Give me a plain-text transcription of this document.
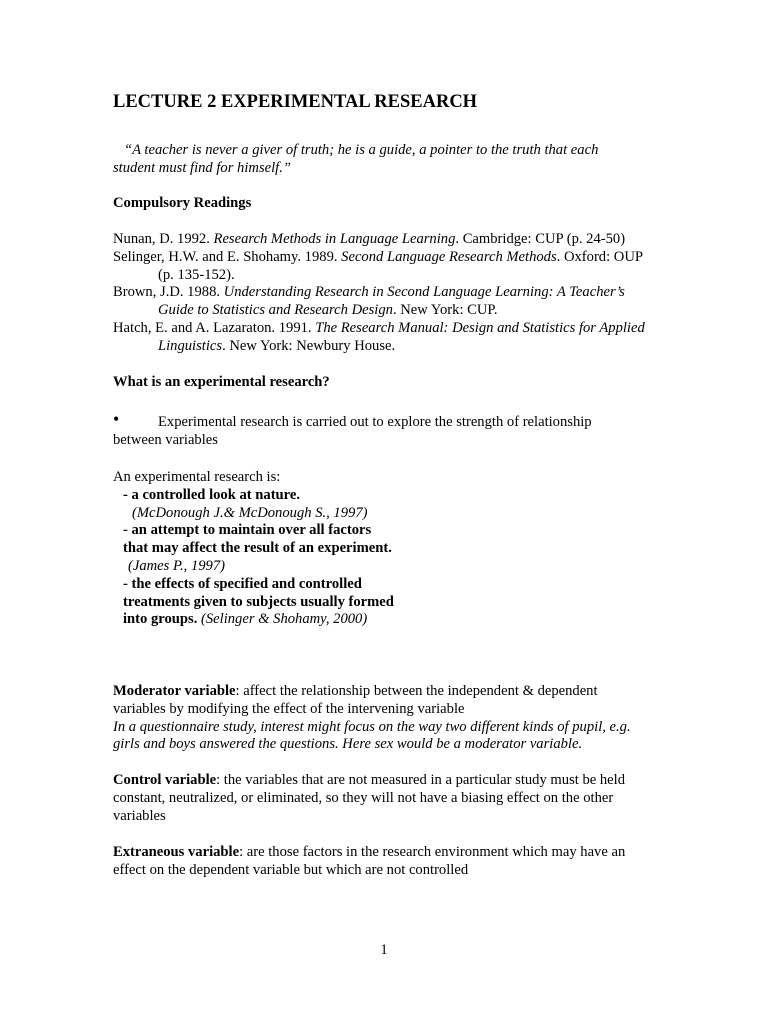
LECTURE 2 EXPERIMENTAL RESEARCH
“A teacher is never a giver of truth; he is a guide, a pointer to the truth that each
student must find for himself.”
Compulsory Readings

Nunan, D. 1992. Research Methods in Language Learning. Cambridge: CUP (p. 24-50)

Selinger, H.W. and E. Shohamy. 1989. Second Language Research Methods. Oxford: OUP (p. 135-152).

Brown, J.D. 1988. Understanding Research in Second Language Learning: A Teacher’s Guide to Statistics and Research Design. New York: CUP.

Hatch, E. and A. Lazaraton. 1991. The Research Manual: Design and Statistics for Applied Linguistics. New York: Newbury House.

What is an experimental research?
•	Experimental research is carried out to explore the strength of relationship
between variables
An experimental research is:
- a controlled look at nature.
(McDonough J.& McDonough S., 1997)
- an attempt to maintain over all factors
that may affect the result of an experiment.
(James P., 1997)
- the effects of specified and controlled
treatments given to subjects usually formed
into groups. (Selinger & Shohamy, 2000)
Moderator variable: affect the relationship between the independent & dependent
variables by modifying the effect of the intervening variable
In a questionnaire study, interest might focus on the way two different kinds of pupil, e.g.
girls and boys answered the questions. Here sex would be a moderator variable.
Control variable: the variables that are not measured in a particular study must be held
constant, neutralized, or eliminated, so they will not have a biasing effect on the other
variables
Extraneous variable: are those factors in the research environment which may have an
effect on the dependent variable but which are not controlled
1
